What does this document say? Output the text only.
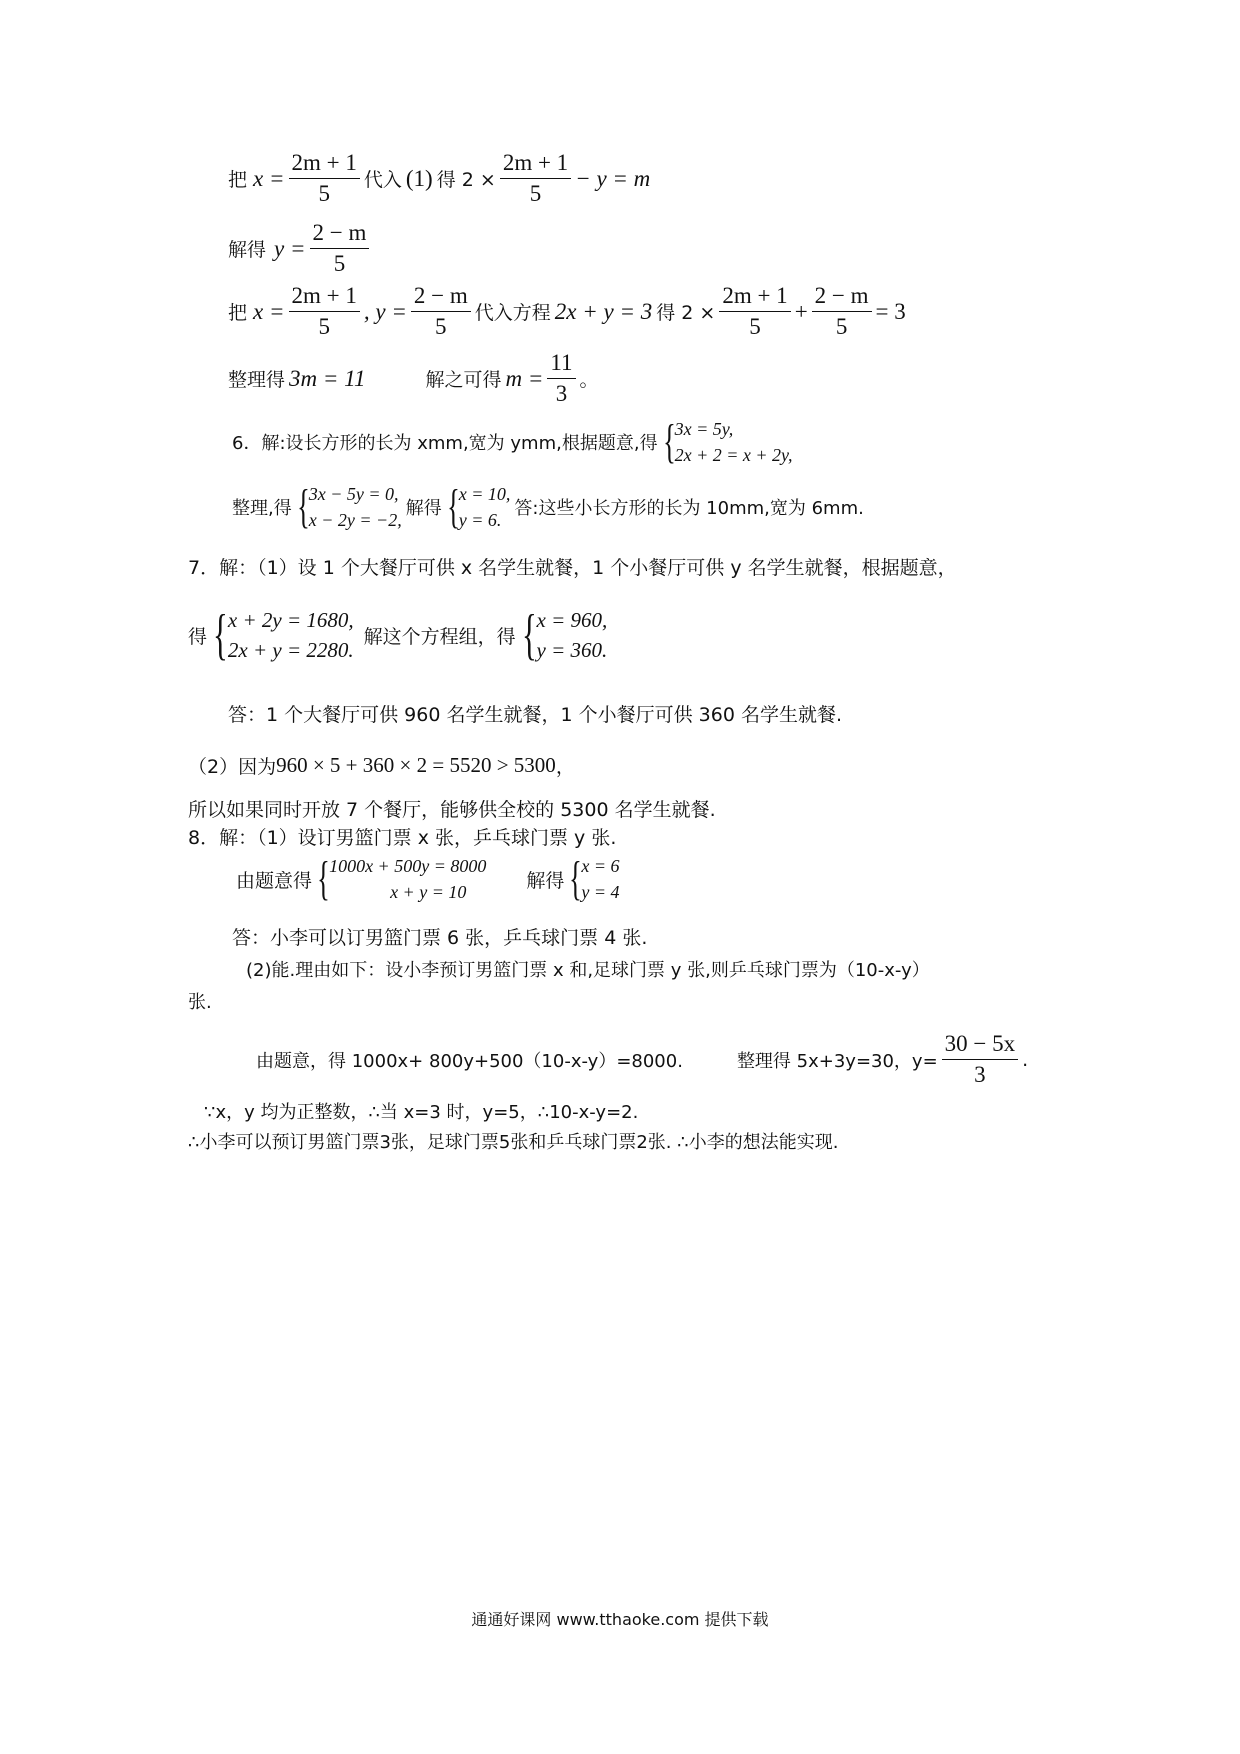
把 $x = \frac{2m + 1}{5}$ 代入 (1) 得 $2 \times \frac{2m + 1}{5} - y = m$
解得 $y = \frac{2 - m}{5}$
把 $x = \frac{2m + 1}{5}$ , $y = \frac{2 - m}{5}$ 代入方程 2x + y = 3 得 $2 \times \frac{2m + 1}{5} + \frac{2 - m}{5} = 3$
整理得 3m = 11	解之可得 $m = \frac{11}{3}$ 。
6．解:设长方形的长为 xmm,宽为 ymm,根据题意,得 { 3x = 5y,
2x + 2 = x + 2y,
整理,得 { 3x − 5y = 0,
x − 2y = −2,
解得 { x = 10,
y = 6.
答:这些小长方形的长为 10mm,宽为 6mm.
7．解：（1）设 1 个大餐厅可供 x 名学生就餐，1 个小餐厅可供 y 名学生就餐，根据题意，
得 { x + 2y = 1680,
2x + y = 2280.
解这个方程组，得 { x = 960,
y = 360.
答：1 个大餐厅可供 960 名学生就餐，1 个小餐厅可供 360 名学生就餐.
（2）因为 960 × 5 + 360 × 2 = 5520 > 5300 ，
所以如果同时开放 7 个餐厅，能够供全校的 5300 名学生就餐.
8．解：（1）设订男篮门票 x 张，乒乓球门票 y 张.
由题意得 { 1000x + 500y = 8000
x + y = 10
解得 { x = 6
y = 4
答：小李可以订男篮门票 6 张，乒乓球门票 4 张.
(2)能.理由如下：设小李预订男篮门票 x 和,足球门票 y 张,则乒乓球门票为（10-x-y）
张.
由题意，得 1000x+ 800y+500（10-x-y）=8000.	整理得 5x+3y=30，$y= \frac{30 - 5x}{3}$ .
∵x，y 均为正整数，∴当 x=3 时，y=5，∴10-x-y=2.
∴小李可以预订男篮门票3张，足球门票5张和乒乓球门票2张. ∴小李的想法能实现.
通通好课网 www.tthaoke.com 提供下载
